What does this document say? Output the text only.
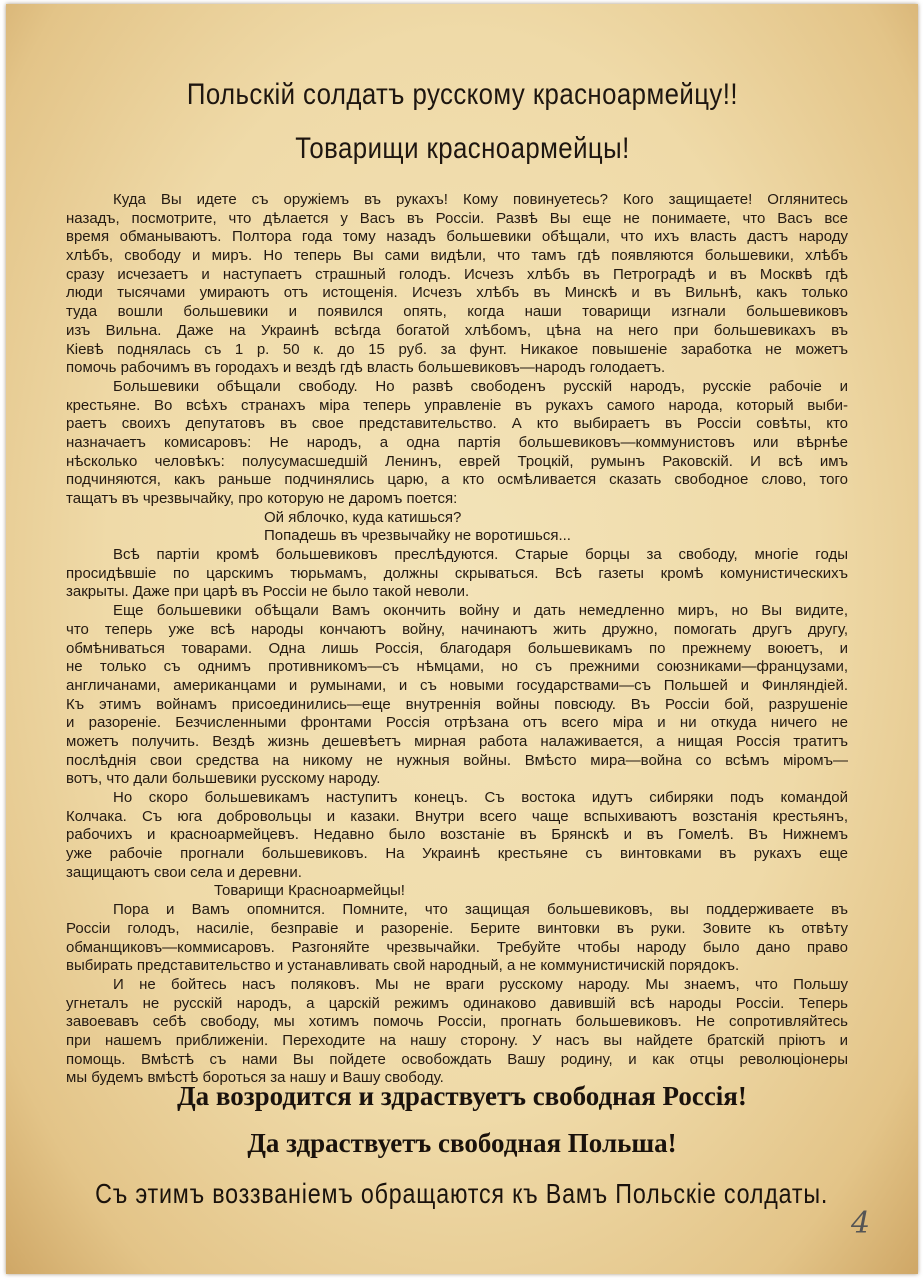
Польскій солдатъ русскому красноармейцу!!
Товарищи красноармейцы!
Куда Вы идете съ оружіемъ въ рукахъ! Кому повинуетесь? Кого защищаете! Оглянитесь
назадъ, посмотрите, что дѣлается у Васъ въ Россіи. Развѣ Вы еще не понимаете, что Васъ все
время обманываютъ. Полтора года тому назадъ большевики обѣщали, что ихъ власть дастъ народу
хлѣбъ, свободу и миръ. Но теперь Вы сами видѣли, что тамъ гдѣ появляются большевики, хлѣбъ
сразу исчезаетъ и наступаетъ страшный голодъ. Исчезъ хлѣбъ въ Петроградѣ и въ Москвѣ гдѣ
люди тысячами умираютъ отъ истощенія. Исчезъ хлѣбъ въ Минскѣ и въ Вильнѣ, какъ только
туда вошли большевики и появился опять, когда наши товарищи изгнали большевиковъ
изъ Вильна. Даже на Украинѣ всѣгда богатой хлѣбомъ, цѣна на него при большевикахъ въ
Кіевѣ поднялась съ 1 р. 50 к. до 15 руб. за фунт. Никакое повышеніе заработка не можетъ
помочь рабочимъ въ городахъ и вездѣ гдѣ власть большевиковъ—народъ голодаетъ.
Большевики обѣщали свободу. Но развѣ свободенъ русскій народъ, русскіе рабочіе и
крестьяне. Во всѣхъ странахъ міра теперь управленіе въ рукахъ самого народа, который выби-
раетъ своихъ депутатовъ въ свое представительство. А кто выбираетъ въ Россіи совѣты, кто
назначаетъ комисаровъ: Не народъ, а одна партія большевиковъ—коммунистовъ или вѣрнѣе
нѣсколько человѣкъ: полусумасшедшій Ленинъ, еврей Троцкій, румынъ Раковскій. И всѣ имъ
подчиняются, какъ раньше подчинялись царю, а кто осмѣливается сказать свободное слово, того
тащатъ въ чрезвычайку, про которую не даромъ поется:
Ой яблочко, куда катишься?
Попадешь въ чрезвычайку не воротишься...
Всѣ партіи кромѣ большевиковъ преслѣдуются. Старые борцы за свободу, многіе годы
просидѣвшіе по царскимъ тюрьмамъ, должны скрываться. Всѣ газеты кромѣ комунистическихъ
закрыты. Даже при царѣ въ Россіи не было такой неволи.
Еще большевики обѣщали Вамъ окончить войну и дать немедленно миръ, но Вы видите,
что теперь уже всѣ народы кончаютъ войну, начинаютъ жить дружно, помогать другъ другу,
обмѣниваться товарами. Одна лишь Россія, благодаря большевикамъ по прежнему воюетъ, и
не только съ однимъ противникомъ—съ нѣмцами, но съ прежними союзниками—французами,
англичанами, американцами и румынами, и съ новыми государствами—съ Польшей и Финляндіей.
Къ этимъ войнамъ присоединились—еще внутреннія войны повсюду. Въ Россіи бой, разрушеніе
и разореніе. Безчисленными фронтами Россія отрѣзана отъ всего міра и ни откуда ничего не
можетъ получить. Вездѣ жизнь дешевѣетъ мирная работа налаживается, а нищая Россія тратитъ
послѣднія свои средства на никому не нужныя войны. Вмѣсто мира—война со всѣмъ міромъ—
вотъ, что дали большевики русскому народу.
Но скоро большевикамъ наступитъ конецъ. Съ востока идутъ сибиряки подъ командой
Колчака. Съ юга добровольцы и казаки. Внутри всего чаще вспыхиваютъ возстанія крестьянъ,
рабочихъ и красноармейцевъ. Недавно было возстаніе въ Брянскѣ и въ Гомелѣ. Въ Нижнемъ
уже рабочіе прогнали большевиковъ. На Украинѣ крестьяне съ винтовками въ рукахъ еще
защищаютъ свои села и деревни.
Товарищи Красноармейцы!
Пора и Вамъ опомнится. Помните, что защищая большевиковъ, вы поддерживаете въ
Россіи голодъ, насиліе, безправіе и разореніе. Берите винтовки въ руки. Зовите къ отвѣту
обманщиковъ—коммисаровъ. Разгоняйте чрезвычайки. Требуйте чтобы народу было дано право
выбирать представительство и устанавливать свой народный, а не коммунистичискій порядокъ.
И не бойтесь насъ поляковъ. Мы не враги русскому народу. Мы знаемъ, что Польшу
угнеталъ не русскій народъ, а царскій режимъ одинаково давившій всѣ народы Россіи. Теперь
завоевавъ себѣ свободу, мы хотимъ помочь Россіи, прогнать большевиковъ. Не сопротивляйтесь
при нашемъ приближеніи. Переходите на нашу сторону. У насъ вы найдете братскій пріютъ и
помощь. Вмѣстѣ съ нами Вы пойдете освобождать Вашу родину, и как отцы революціонеры
мы будемъ вмѣстѣ бороться за нашу и Вашу свободу.
Да возродится и здраствуетъ свободная Россія!
Да здраствуетъ свободная Польша!
Съ этимъ воззваніемъ обращаются къ Вамъ Польскіе солдаты.
4
